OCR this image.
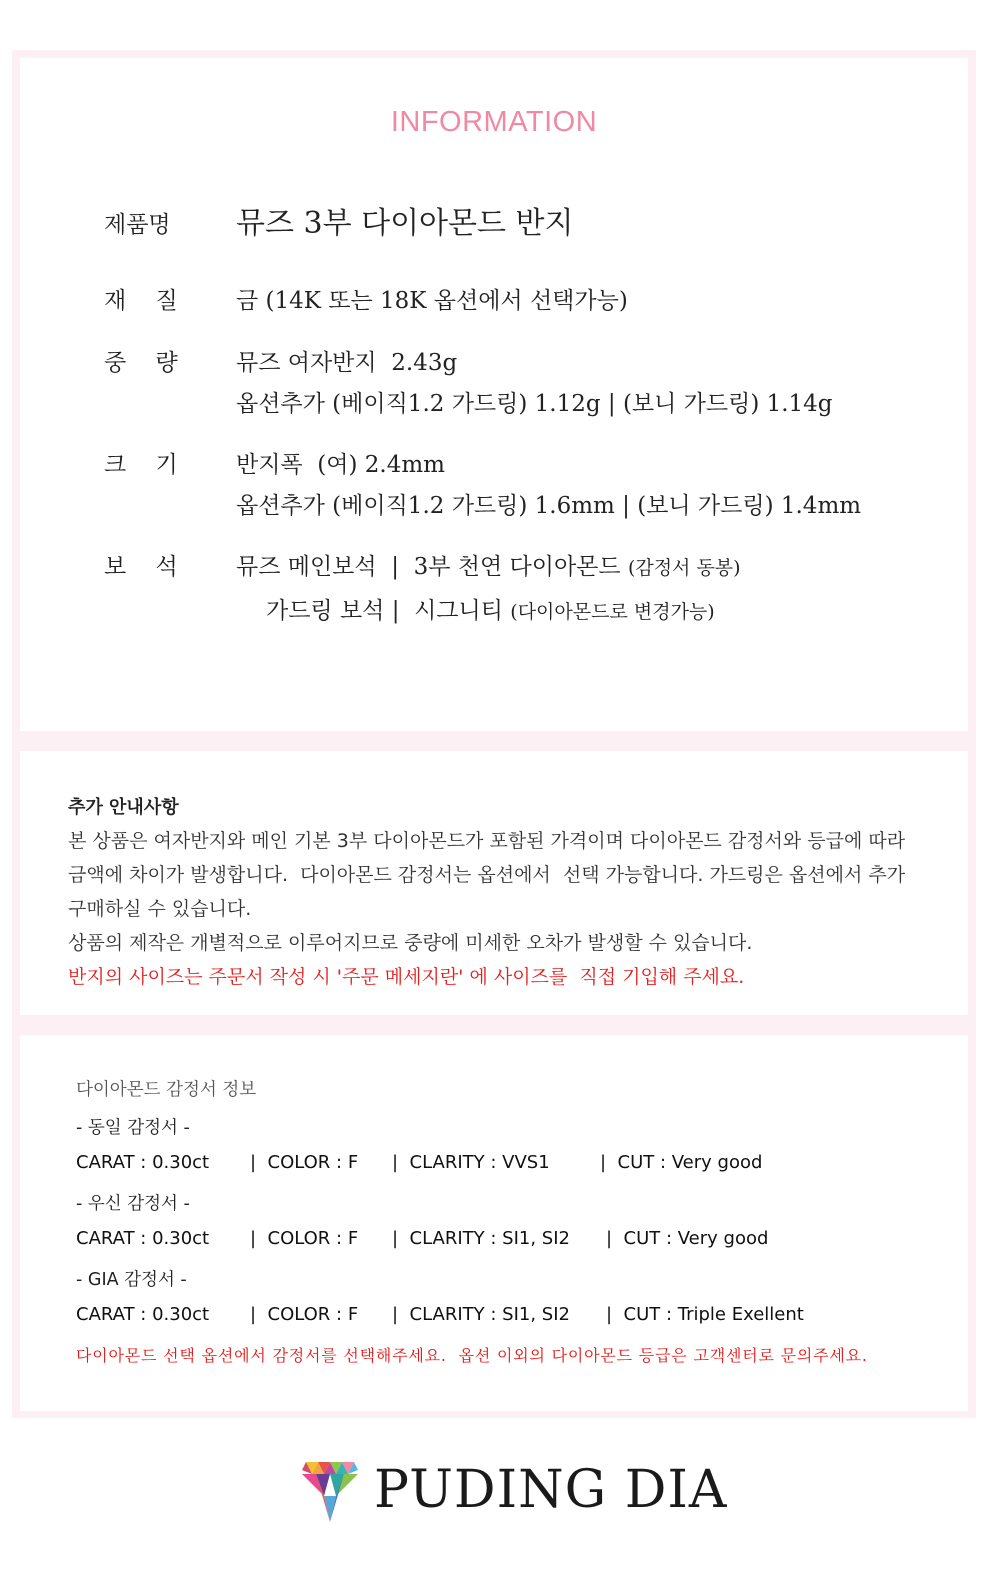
INFORMATION
제품명 뮤즈 3부 다이아몬드 반지
재    질	금 (14K 또는 18K 옵션에서 선택가능)
중    량	뮤즈 여자반지  2.43g
옵션추가 (베이직1.2 가드링) 1.12g | (보니 가드링) 1.14g
크    기	반지폭  (여) 2.4mm
옵션추가 (베이직1.2 가드링) 1.6mm | (보니 가드링) 1.4mm
보    석	뮤즈 메인보석  |  3부 천연 다이아몬드 (감정서 동봉)
가드링 보석 |  시그니티 (다이아몬드로 변경가능)
추가 안내사항
본 상품은 여자반지와 메인 기본 3부 다이아몬드가 포함된 가격이며 다이아몬드 감정서와 등급에 따라
금액에 차이가 발생합니다.  다이아몬드 감정서는 옵션에서  선택 가능합니다. 가드링은 옵션에서 추가
구매하실 수 있습니다.
상품의 제작은 개별적으로 이루어지므로 중량에 미세한 오차가 발생할 수 있습니다.
반지의 사이즈는 주문서 작성 시 '주문 메세지란' 에 사이즈를  직접 기입해 주세요.
다이아몬드 감정서 정보
- 동일 감정서 -

CARAT : 0.30ct

|  COLOR : F

|  CLARITY : VVS1

	|  CUT : Very good

- 우신 감정서 -

CARAT : 0.30ct

|  COLOR : F

|  CLARITY : SI1, SI2

|  CUT : Very good

- GIA 감정서 -

CARAT : 0.30ct

|  COLOR : F

|  CLARITY : SI1, SI2

|  CUT : Triple Exellent

다이아몬드 선택 옵션에서 감정서를 선택해주세요.  옵션 이외의 다이아몬드 등급은 고객센터로 문의주세요.
PUDING DIA
